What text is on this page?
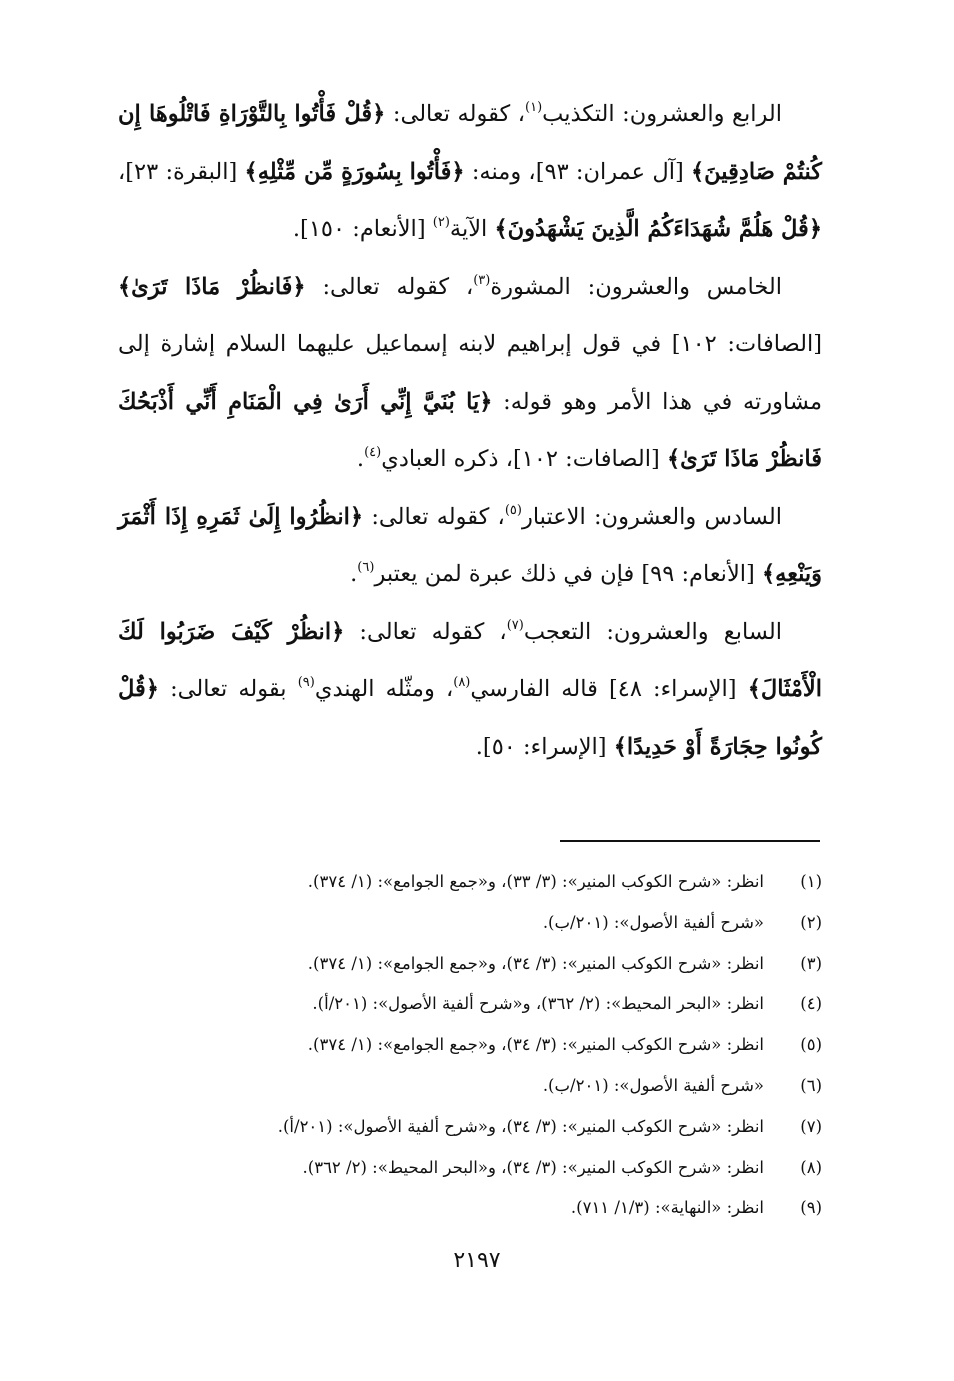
الرابع والعشرون: التكذيب$^{(١)}$، كقوله تعالى: ﴿قُلْ فَأْتُوا بِالتَّوْرَاةِ فَاتْلُوهَا إِن كُنتُمْ صَادِقِينَ﴾ [آل عمران: ٩٣]، ومنه: ﴿فَأْتُوا بِسُورَةٍ مِّن مِّثْلِهِ﴾ [البقرة: ٢٣]، ﴿قُلْ هَلُمَّ شُهَدَاءَكُمُ الَّذِينَ يَشْهَدُونَ﴾ الآية$^{(٢)}$ [الأنعام: ١٥٠].

الخامس والعشرون: المشورة$^{(٣)}$، كقوله تعالى: ﴿فَانظُرْ مَاذَا تَرَىٰ﴾ [الصافات: ١٠٢] في قول إبراهيم لابنه إسماعيل عليهما السلام إشارة إلى مشاورته في هذا الأمر وهو قوله: ﴿يَا بُنَيَّ إِنِّي أَرَىٰ فِي الْمَنَامِ أَنِّي أَذْبَحُكَ فَانظُرْ مَاذَا تَرَىٰ﴾ [الصافات: ١٠٢]، ذكره العبادي$^{(٤)}$.

السادس والعشرون: الاعتبار$^{(٥)}$، كقوله تعالى: ﴿انظُرُوا إِلَىٰ ثَمَرِهِ إِذَا أَثْمَرَ وَيَنْعِهِ﴾ [الأنعام: ٩٩] فإن في ذلك عبرة لمن يعتبر$^{(٦)}$.

السابع والعشرون: التعجب$^{(٧)}$، كقوله تعالى: ﴿انظُرْ كَيْفَ ضَرَبُوا لَكَ الْأَمْثَالَ﴾ [الإسراء: ٤٨] قاله الفارسي$^{(٨)}$، ومثّله الهندي$^{(٩)}$ بقوله تعالى: ﴿قُلْ كُونُوا حِجَارَةً أَوْ حَدِيدًا﴾ [الإسراء: ٥٠].

(١)
انظر: «شرح الكوكب المنير»: (٣/ ٣٣)، و«جمع الجوامع»: (١/ ٣٧٤).
(٢)
«شرح ألفية الأصول»: (٢٠١/ب).
(٣)
انظر: «شرح الكوكب المنير»: (٣/ ٣٤)، و«جمع الجوامع»: (١/ ٣٧٤).
(٤)
انظر: «البحر المحيط»: (٢/ ٣٦٢)، و«شرح ألفية الأصول»: (٢٠١/أ).
(٥)
انظر: «شرح الكوكب المنير»: (٣/ ٣٤)، و«جمع الجوامع»: (١/ ٣٧٤).
(٦)
«شرح ألفية الأصول»: (٢٠١/ب).
(٧)
انظر: «شرح الكوكب المنير»: (٣/ ٣٤)، و«شرح ألفية الأصول»: (٢٠١/أ).
(٨)
انظر: «شرح الكوكب المنير»: (٣/ ٣٤)، و«البحر المحيط»: (٢/ ٣٦٢).
(٩)
انظر: «النهاية»: (١/٣/ ٧١١).
٢١٩٧
